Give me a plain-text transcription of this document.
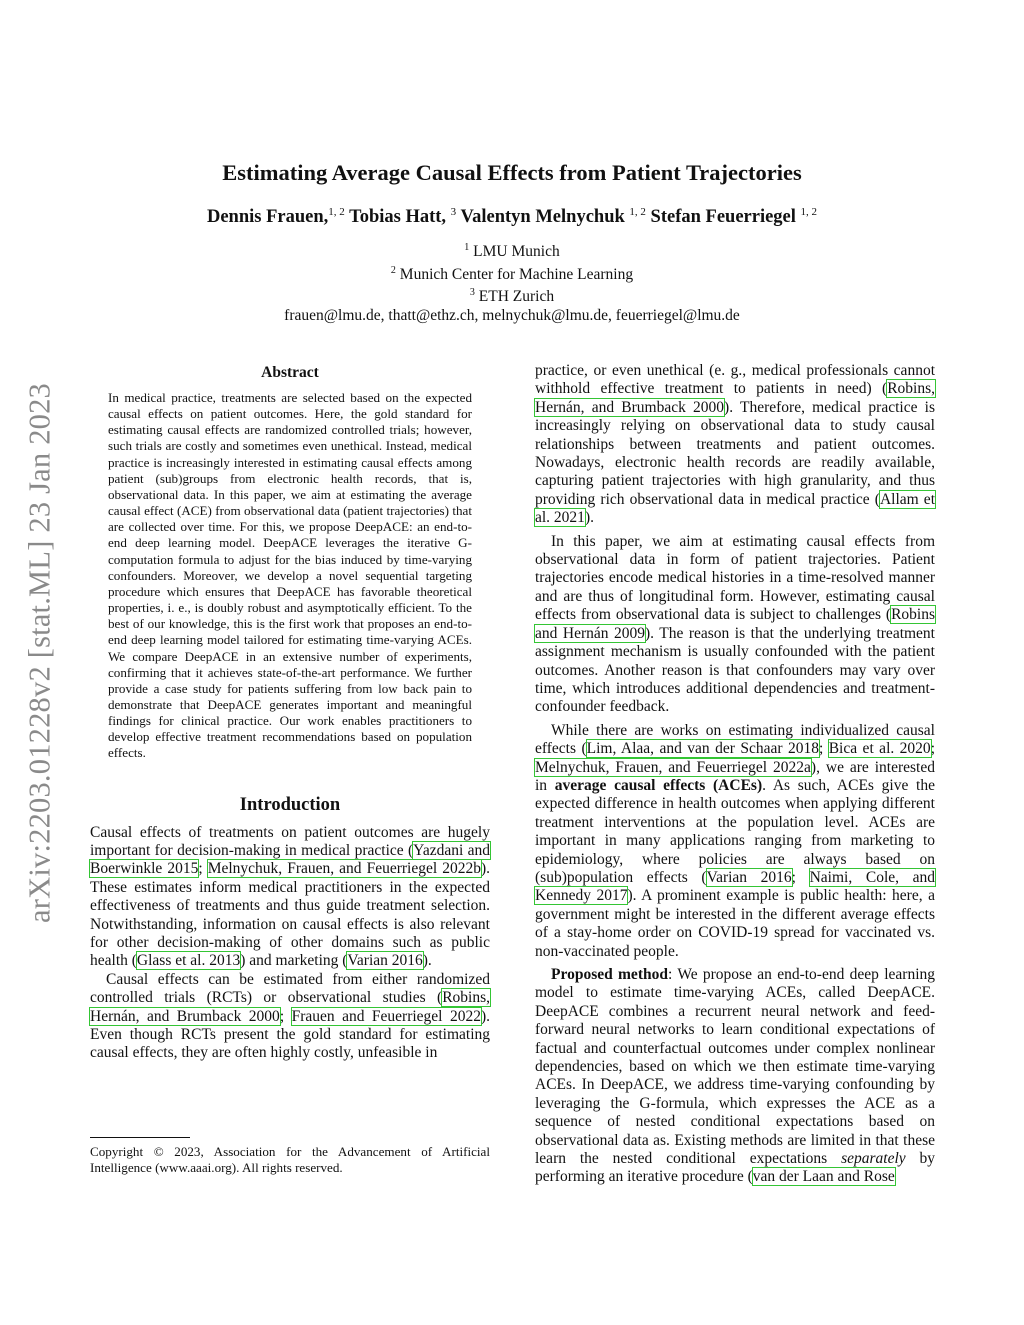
arXiv:2203.01228v2 [stat.ML] 23 Jan 2023
Estimating Average Causal Effects from Patient Trajectories
Dennis Frauen,$^{1, 2}$ Tobias Hatt, $^3$ Valentyn Melnychuk $^{1, 2}$ Stefan Feuerriegel $^{1, 2}$
$^1$ LMU Munich
$^2$ Munich Center for Machine Learning
$^3$ ETH Zurich
frauen@lmu.de, thatt@ethz.ch, melnychuk@lmu.de, feuerriegel@lmu.de
Abstract
In medical practice, treatments are selected based on the expected causal effects on patient outcomes. Here, the gold standard for estimating causal effects are randomized controlled trials; however, such trials are costly and sometimes even unethical. Instead, medical practice is increasingly interested in estimating causal effects among patient (sub)groups from electronic health records, that is, observational data. In this paper, we aim at estimating the average causal effect (ACE) from observational data (patient trajectories) that are collected over time. For this, we propose DeepACE: an end-to-end deep learning model. DeepACE leverages the iterative G-computation formula to adjust for the bias induced by time-varying confounders. Moreover, we develop a novel sequential targeting procedure which ensures that DeepACE has favorable theoretical properties, i. e., is doubly robust and asymptotically efficient. To the best of our knowledge, this is the first work that proposes an end-to-end deep learning model tailored for estimating time-varying ACEs. We compare DeepACE in an extensive number of experiments, confirming that it achieves state-of-the-art performance. We further provide a case study for patients suffering from low back pain to demonstrate that DeepACE generates important and meaningful findings for clinical practice. Our work enables practitioners to develop effective treatment recommendations based on population effects.
Introduction

Causal effects of treatments on patient outcomes are hugely important for decision-making in medical practice (Yazdani and Boerwinkle 2015; Melnychuk, Frauen, and Feuerriegel 2022b). These estimates inform medical practitioners in the expected effectiveness of treatments and thus guide treatment selection. Notwithstanding, information on causal effects is also relevant for other decision-making of other domains such as public health (Glass et al. 2013) and marketing (Varian 2016).

Causal effects can be estimated from either randomized controlled trials (RCTs) or observational studies (Robins, Hernán, and Brumback 2000; Frauen and Feuerriegel 2022). Even though RCTs present the gold standard for estimating causal effects, they are often highly costly, unfeasible in

Copyright © 2023, Association for the Advancement of Artificial Intelligence (www.aaai.org). All rights reserved.

practice, or even unethical (e. g., medical professionals cannot withhold effective treatment to patients in need) (Robins, Hernán, and Brumback 2000). Therefore, medical practice is increasingly relying on observational data to study causal relationships between treatments and patient outcomes. Nowadays, electronic health records are readily available, capturing patient trajectories with high granularity, and thus providing rich observational data in medical practice (Allam et al. 2021).

In this paper, we aim at estimating causal effects from observational data in form of patient trajectories. Patient trajectories encode medical histories in a time-resolved manner and are thus of longitudinal form. However, estimating causal effects from observational data is subject to challenges (Robins and Hernán 2009). The reason is that the underlying treatment assignment mechanism is usually confounded with the patient outcomes. Another reason is that confounders may vary over time, which introduces additional dependencies and treatment-confounder feedback.

While there are works on estimating individualized causal effects (Lim, Alaa, and van der Schaar 2018; Bica et al. 2020; Melnychuk, Frauen, and Feuerriegel 2022a), we are interested in average causal effects (ACEs). As such, ACEs give the expected difference in health outcomes when applying different treatment interventions at the population level. ACEs are important in many applications ranging from marketing to epidemiology, where policies are always based on (sub)population effects (Varian 2016; Naimi, Cole, and Kennedy 2017). A prominent example is public health: here, a government might be interested in the different average effects of a stay-home order on COVID-19 spread for vaccinated vs. non-vaccinated people.

Proposed method: We propose an end-to-end deep learning model to estimate time-varying ACEs, called DeepACE. DeepACE combines a recurrent neural network and feed-forward neural networks to learn conditional expectations of factual and counterfactual outcomes under complex nonlinear dependencies, based on which we then estimate time-varying ACEs. In DeepACE, we address time-varying confounding by leveraging the G-formula, which expresses the ACE as a sequence of nested conditional expectations based on observational data as. Existing methods are limited in that these learn the nested conditional expectations separately by performing an iterative procedure (van der Laan and Rose
